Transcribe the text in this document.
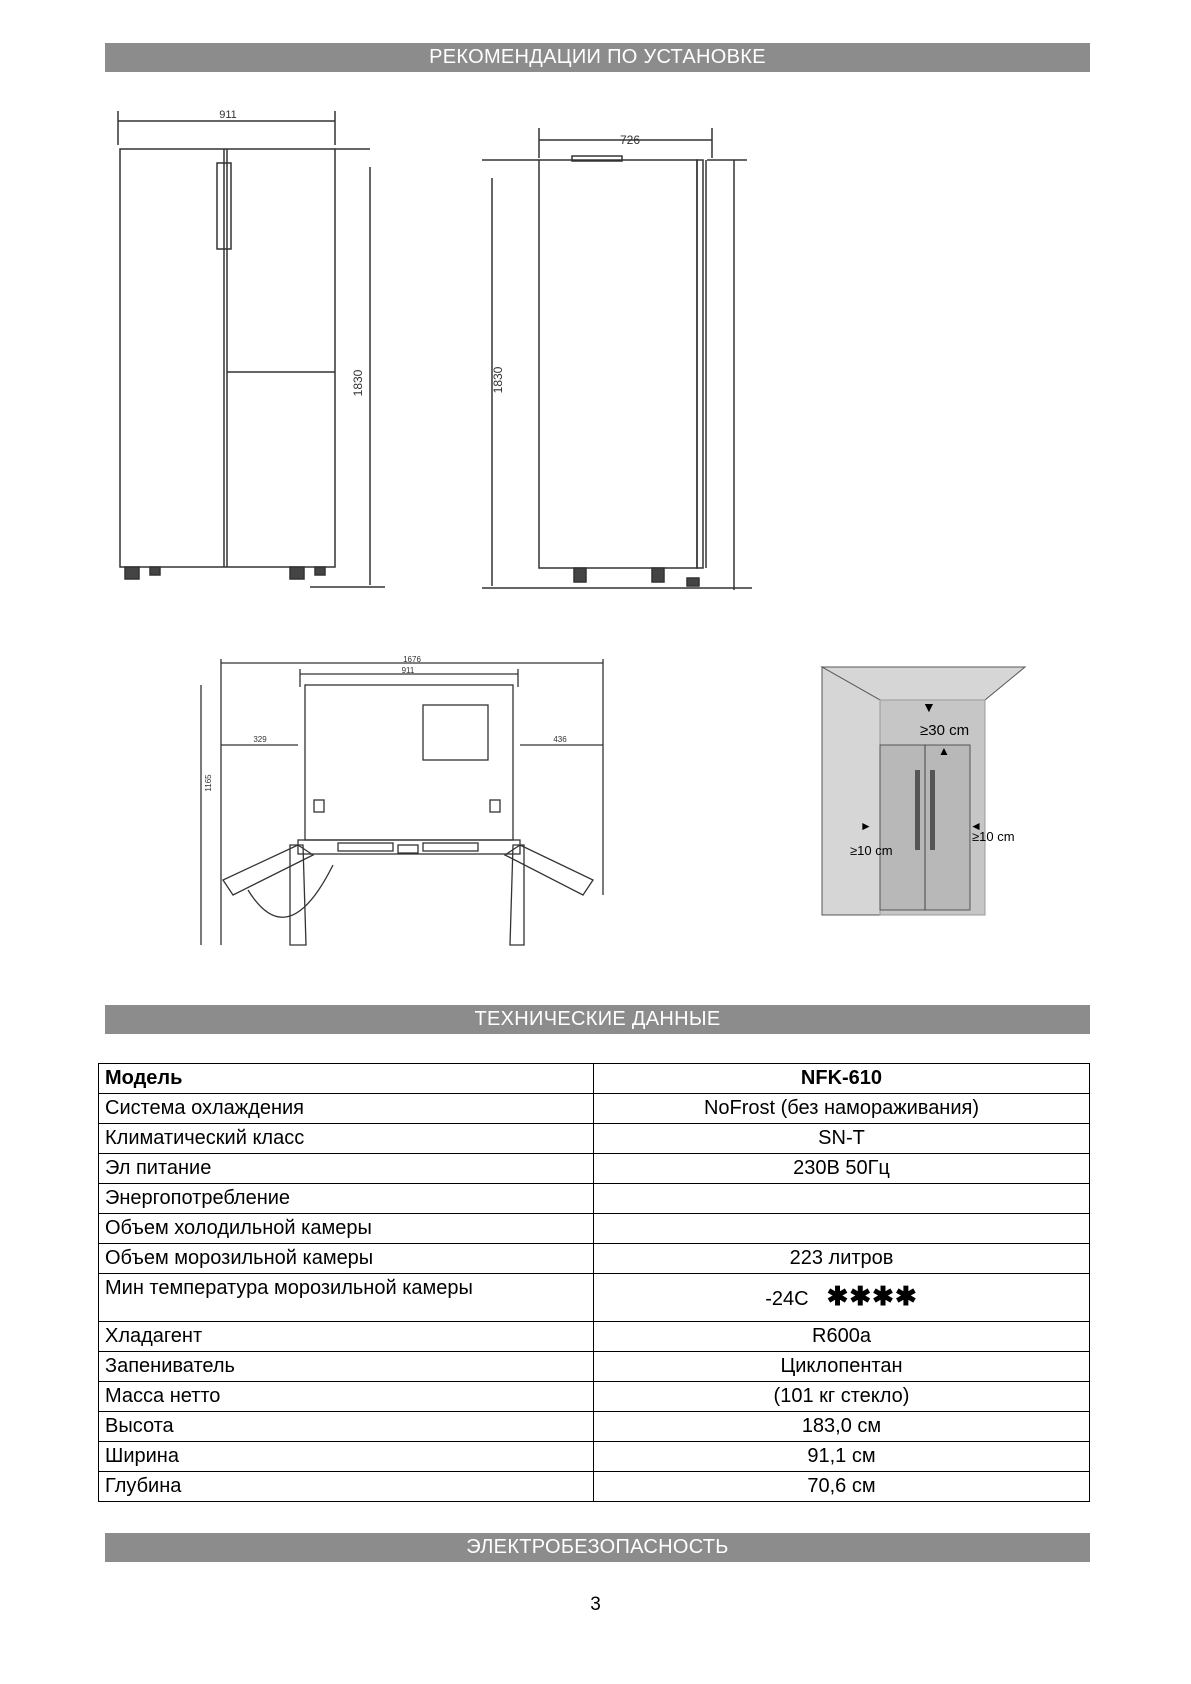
РЕКОМЕНДАЦИИ ПО УСТАНОВКЕ
911
1830
726
1830
1676
911
329	436
1165
▼
▲
►	◄
≥30 cm
≥10 cm
≥10 cm
ТЕХНИЧЕСКИЕ ДАННЫЕ
Модель	NFK-610
Система охлаждения	NoFrost (без намораживания)
Климатический класс	SN-T
Эл питание	230В 50Гц
Энергопотребление	
Объем холодильной камеры	
Объем морозильной камеры	223 литров
Мин температура морозильной камеры	-24С ✱✱✱✱
Хладагент	R600a
Запениватель	Циклопентан
Масса нетто	(101 кг стекло)
Высота	183,0 см
Ширина	91,1 см
Глубина	70,6 см
ЭЛЕКТРОБЕЗОПАСНОСТЬ
3
